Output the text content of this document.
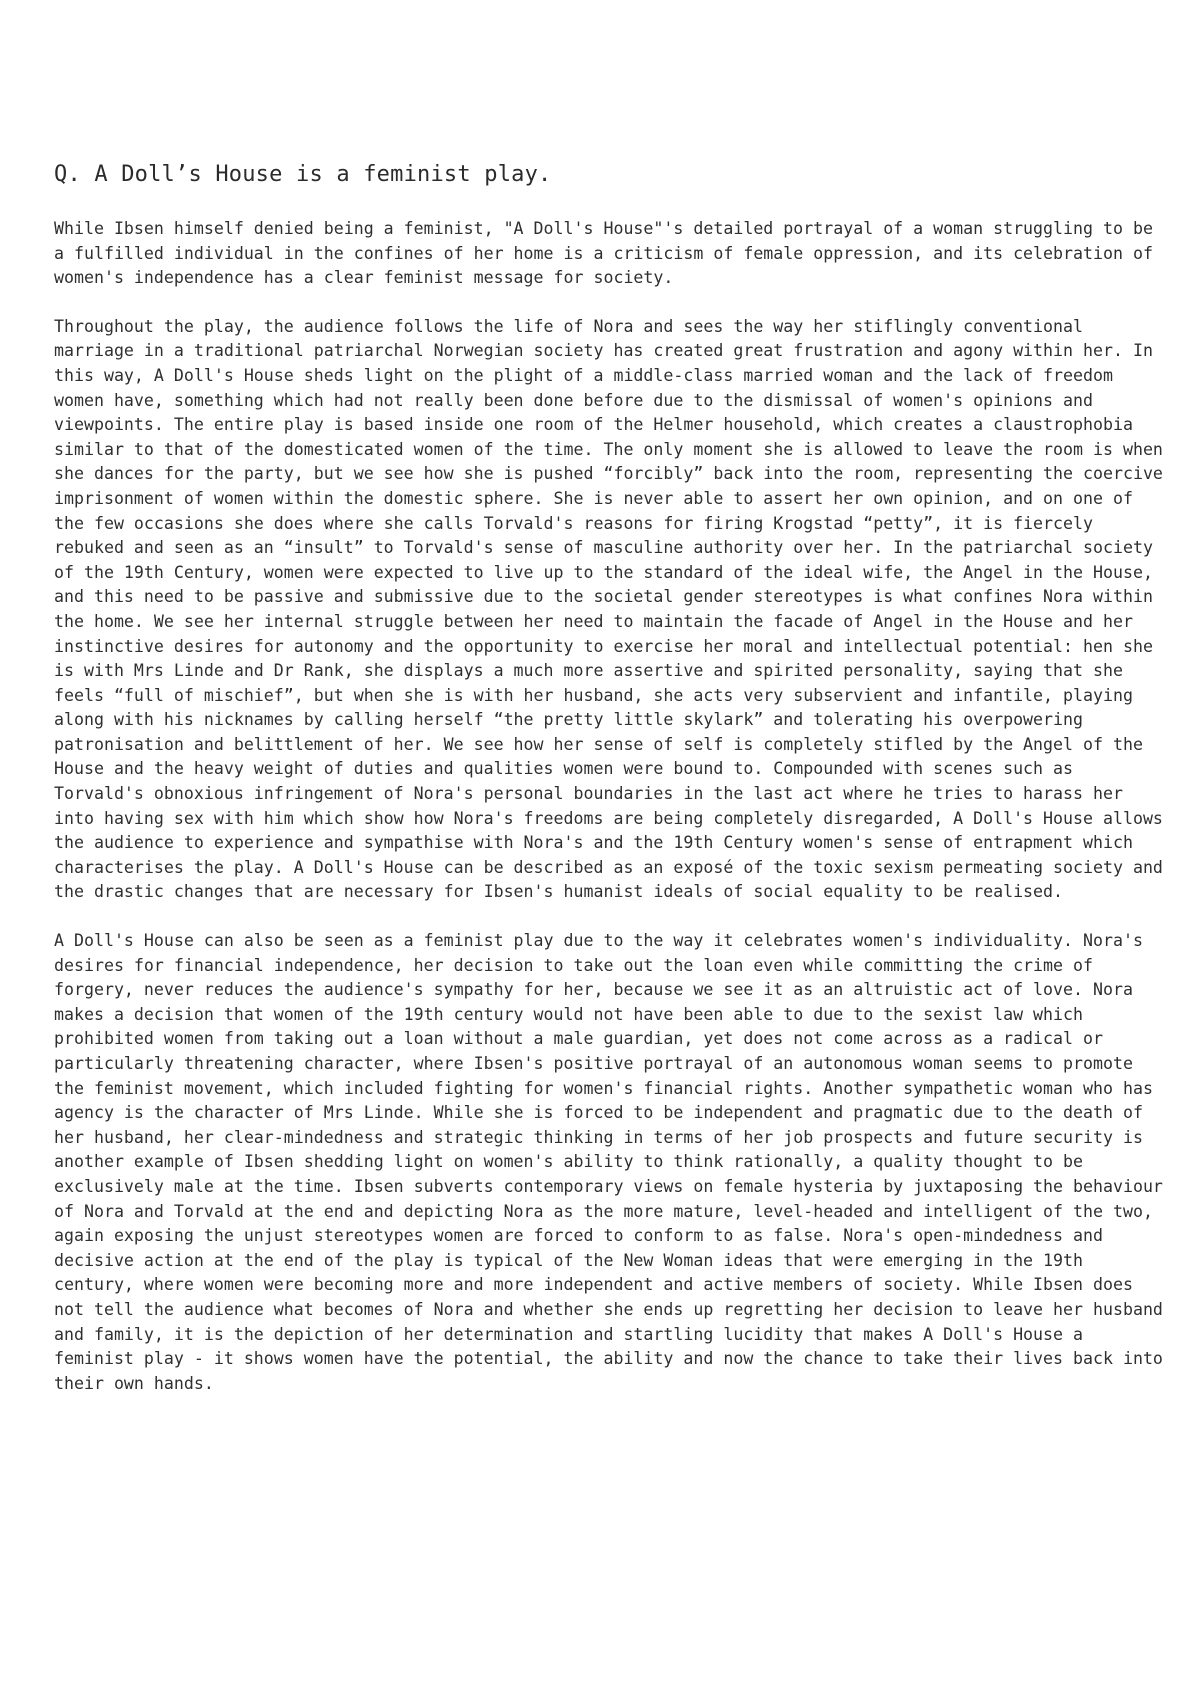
Q. A Doll’s House is a feminist play.

While Ibsen himself denied being a feminist, "A Doll's House"'s detailed portrayal of a woman struggling to be a fulfilled individual in the confines of her home is a criticism of female oppression, and its celebration of women's independence has a clear feminist message for society.

Throughout the play, the audience follows the life of Nora and sees the way her stiflingly conventional marriage in a traditional patriarchal Norwegian society has created great frustration and agony within her. In this way, A Doll's House sheds light on the plight of a middle-class married woman and the lack of freedom women have, something which had not really been done before due to the dismissal of women's opinions and viewpoints. The entire play is based inside one room of the Helmer household, which creates a claustrophobia similar to that of the domesticated women of the time. The only moment she is allowed to leave the room is when she dances for the party, but we see how she is pushed “forcibly” back into the room, representing the coercive imprisonment of women within the domestic sphere. She is never able to assert her own opinion, and on one of the few occasions she does where she calls Torvald's reasons for firing Krogstad “petty”, it is fiercely rebuked and seen as an “insult” to Torvald's sense of masculine authority over her. In the patriarchal society of the 19th Century, women were expected to live up to the standard of the ideal wife, the Angel in the House, and this need to be passive and submissive due to the societal gender stereotypes is what confines Nora within the home. We see her internal struggle between her need to maintain the facade of Angel in the House and her instinctive desires for autonomy and the opportunity to exercise her moral and intellectual potential: hen she is with Mrs Linde and Dr Rank, she displays a much more assertive and spirited personality, saying that she feels “full of mischief”, but when she is with her husband, she acts very subservient and infantile, playing along with his nicknames by calling herself “the pretty little skylark” and tolerating his overpowering patronisation and belittlement of her. We see how her sense of self is completely stifled by the Angel of the House and the heavy weight of duties and qualities women were bound to. Compounded with scenes such as Torvald's obnoxious infringement of Nora's personal boundaries in the last act where he tries to harass her into having sex with him which show how Nora's freedoms are being completely disregarded, A Doll's House allows the audience to experience and sympathise with Nora's and the 19th Century women's sense of entrapment which characterises the play. A Doll's House can be described as an exposé of the toxic sexism permeating society and the drastic changes that are necessary for Ibsen's humanist ideals of social equality to be realised.

A Doll's House can also be seen as a feminist play due to the way it celebrates women's individuality. Nora's desires for financial independence, her decision to take out the loan even while committing the crime of forgery, never reduces the audience's sympathy for her, because we see it as an altruistic act of love. Nora makes a decision that women of the 19th century would not have been able to due to the sexist law which prohibited women from taking out a loan without a male guardian, yet does not come across as a radical or particularly threatening character, where Ibsen's positive portrayal of an autonomous woman seems to promote the feminist movement, which included fighting for women's financial rights. Another sympathetic woman who has agency is the character of Mrs Linde. While she is forced to be independent and pragmatic due to the death of her husband, her clear-mindedness and strategic thinking in terms of her job prospects and future security is another example of Ibsen shedding light on women's ability to think rationally, a quality thought to be exclusively male at the time. Ibsen subverts contemporary views on female hysteria by juxtaposing the behaviour of Nora and Torvald at the end and depicting Nora as the more mature, level-headed and intelligent of the two, again exposing the unjust stereotypes women are forced to conform to as false. Nora's open-mindedness and decisive action at the end of the play is typical of the New Woman ideas that were emerging in the 19th century, where women were becoming more and more independent and active members of society. While Ibsen does not tell the audience what becomes of Nora and whether she ends up regretting her decision to leave her husband and family, it is the depiction of her determination and startling lucidity that makes A Doll's House a feminist play - it shows women have the potential, the ability and now the chance to take their lives back into their own hands.
